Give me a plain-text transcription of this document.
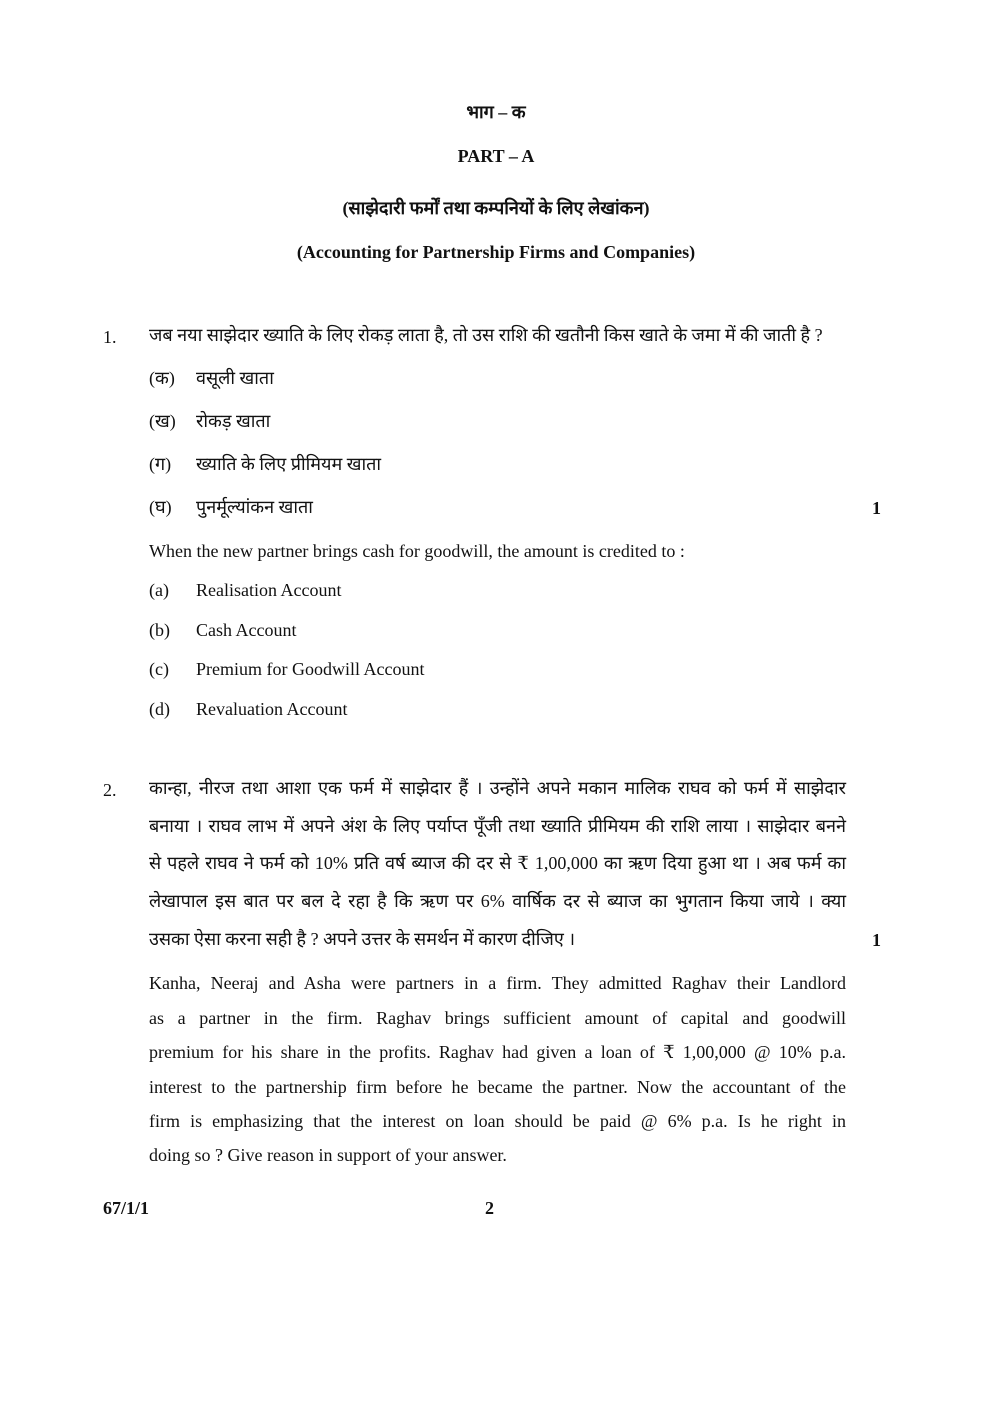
भाग – क
PART – A
(साझेदारी फर्मों तथा कम्पनियों के लिए लेखांकन)
(Accounting for Partnership Firms and Companies)
1. जब नया साझेदार ख्याति के लिए रोकड़ लाता है, तो उस राशि की खतौनी किस खाते के जमा में की जाती है ?
(क) वसूली खाता
(ख) रोकड़ खाता
(ग) ख्याति के लिए प्रीमियम खाता
(घ) पुनर्मूल्यांकन खाता	1
When the new partner brings cash for goodwill, the amount is credited to :
(a) Realisation Account
(b) Cash Account
(c) Premium for Goodwill Account
(d) Revaluation Account
2. कान्हा, नीरज तथा आशा एक फर्म में साझेदार हैं । उन्होंने अपने मकान मालिक राघव को फर्म में साझेदार
बनाया । राघव लाभ में अपने अंश के लिए पर्याप्त पूँजी तथा ख्याति प्रीमियम की राशि लाया । साझेदार बनने
से पहले राघव ने फर्म को 10% प्रति वर्ष ब्याज की दर से ₹ 1,00,000 का ऋण दिया हुआ था । अब फर्म का
लेखापाल इस बात पर बल दे रहा है कि ऋण पर 6% वार्षिक दर से ब्याज का भुगतान किया जाये । क्या
उसका ऐसा करना सही है ? अपने उत्तर के समर्थन में कारण दीजिए ।	1
Kanha, Neeraj and Asha were partners in a firm. They admitted Raghav their Landlord
as a partner in the firm. Raghav brings sufficient amount of capital and goodwill
premium for his share in the profits. Raghav had given a loan of ₹ 1,00,000 @ 10% p.a.
interest to the partnership firm before he became the partner. Now the accountant of the
firm is emphasizing that the interest on loan should be paid @ 6% p.a. Is he right in
doing so ? Give reason in support of your answer.
67/1/1	2
